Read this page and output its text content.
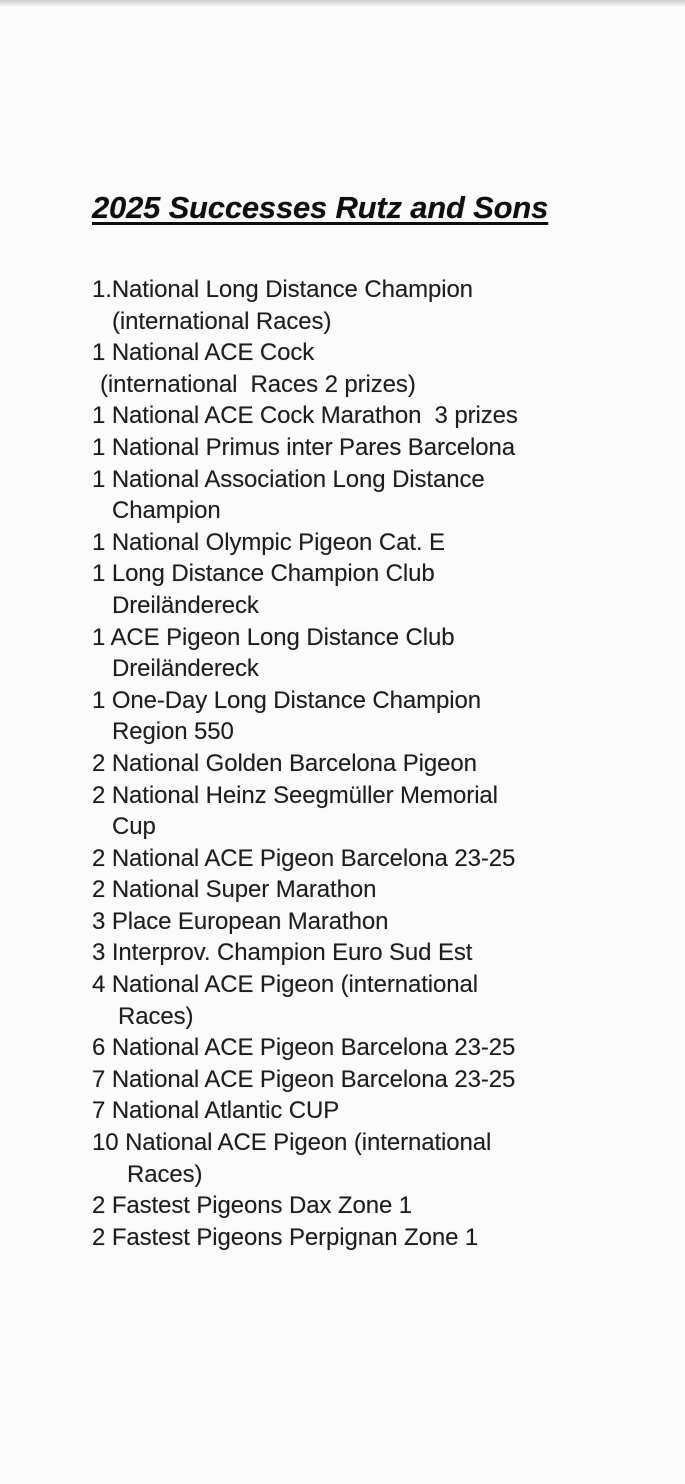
2025 Successes Rutz and Sons
1.National Long Distance Champion
(international Races)
1 National ACE Cock
(international  Races 2 prizes)
1 National ACE Cock Marathon  3 prizes
1 National Primus inter Pares Barcelona
1 National Association Long Distance
Champion
1 National Olympic Pigeon Cat. E
1 Long Distance Champion Club
Dreiländereck
1 ACE Pigeon Long Distance Club
Dreiländereck
1 One-Day Long Distance Champion
Region 550
2 National Golden Barcelona Pigeon
2 National Heinz Seegmüller Memorial
Cup
2 National ACE Pigeon Barcelona 23-25
2 National Super Marathon
3 Place European Marathon
3 Interprov. Champion Euro Sud Est
4 National ACE Pigeon (international
Races)
6 National ACE Pigeon Barcelona 23-25
7 National ACE Pigeon Barcelona 23-25
7 National Atlantic CUP
10 National ACE Pigeon (international
Races)
2 Fastest Pigeons Dax Zone 1
2 Fastest Pigeons Perpignan Zone 1
